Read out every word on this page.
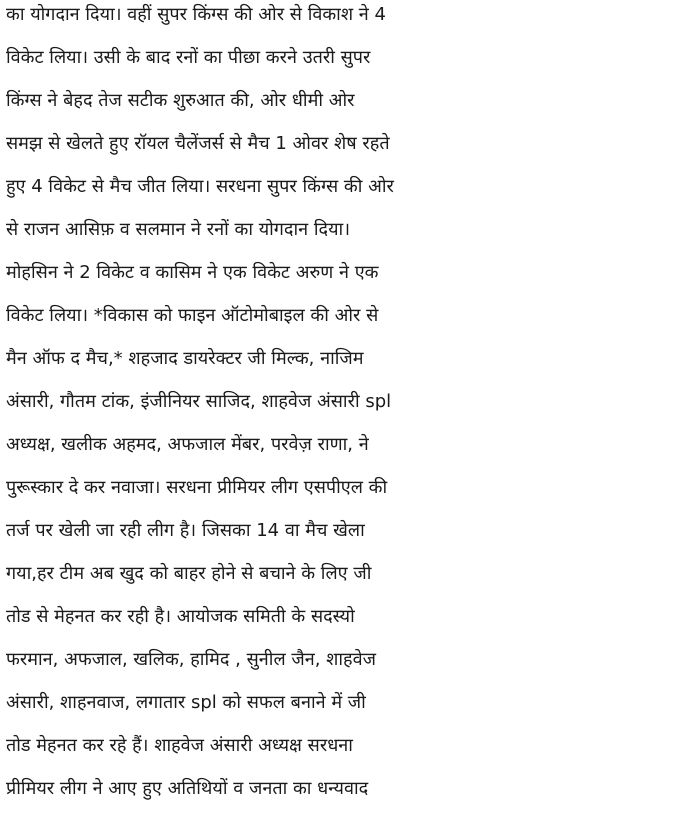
का योगदान दिया। वहीं सुपर किंग्स की ओर से विकाश ने 4
विकेट लिया। उसी के बाद रनों का पीछा करने उतरी सुपर
किंग्स ने बेहद तेज सटीक शुरुआत की, ओर धीमी ओर
समझ से खेलते हुए रॉयल चैलेंजर्स से मैच 1 ओवर शेष रहते
हुए 4 विकेट से मैच जीत लिया। सरधना सुपर किंग्स की ओर
से राजन आसिफ़ व सलमान ने रनों का योगदान दिया।
मोहसिन ने 2 विकेट व कासिम ने एक विकेट अरुण ने एक
विकेट लिया। *विकास को फाइन ऑटोमोबाइल की ओर से
मैन ऑफ द मैच,* शहजाद डायरेक्टर जी मिल्क, नाजिम
अंसारी, गौतम टांक, इंजीनियर साजिद, शाहवेज अंसारी spl
अध्यक्ष, खलीक अहमद, अफजाल मेंबर, परवेज़ राणा, ने
पुरूस्कार दे कर नवाजा। सरधना प्रीमियर लीग एसपीएल की
तर्ज पर खेली जा रही लीग है। जिसका 14 वा मैच खेला
गया,हर टीम अब खुद को बाहर होने से बचाने के लिए जी
तोड से मेहनत कर रही है। आयोजक समिती के सदस्यो
फरमान, अफजाल, खलिक, हामिद , सुनील जैन, शाहवेज
अंसारी, शाहनवाज, लगातार spl को सफल बनाने में जी
तोड मेहनत कर रहे हैं। शाहवेज अंसारी अध्यक्ष सरधना
प्रीमियर लीग ने आए हुए अतिथियों व जनता का धन्यवाद
